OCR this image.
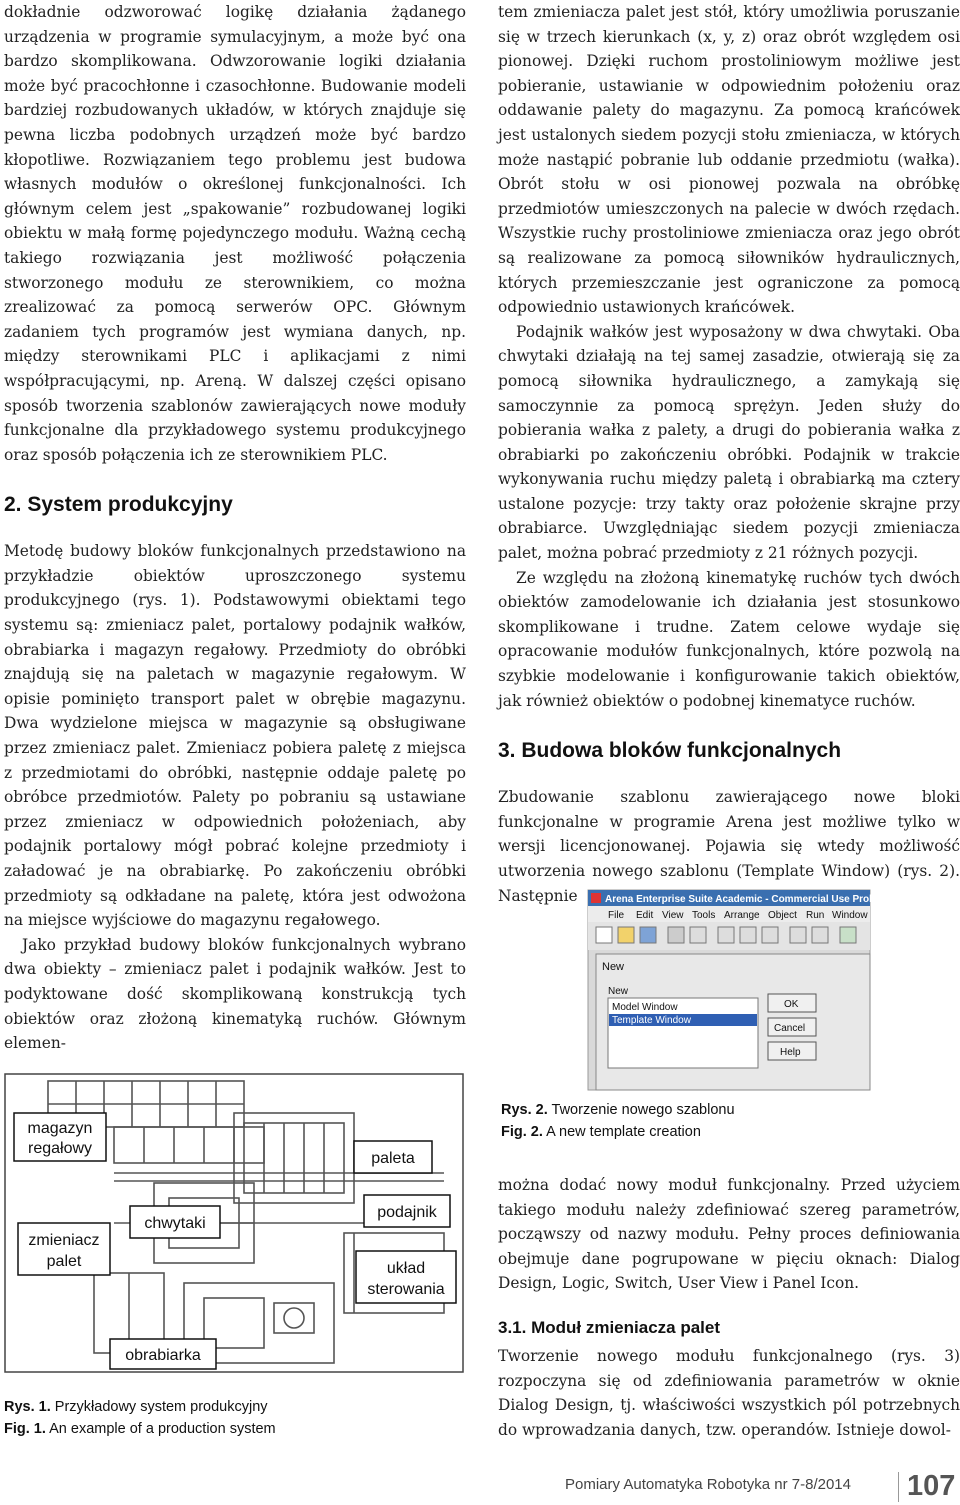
dokładnie odzworować logikę działania żądanego urządzenia w programie symulacyjnym, a może być ona bardzo skomplikowana. Odwzorowanie logiki działania może być pracochłonne i czasochłonne. Budowanie modeli bardziej rozbudowanych układów, w których znajduje się pewna liczba podobnych urządzeń może być bardzo kłopotliwe. Rozwiązaniem tego problemu jest budowa własnych modułów o określonej funkcjonalności. Ich głównym celem jest „spakowanie” rozbudowanej logiki obiektu w małą formę pojedynczego modułu. Ważną cechą takiego rozwiązania jest możliwość połączenia stworzonego modułu ze sterownikiem, co można zrealizować za pomocą serwerów OPC. Głównym zadaniem tych programów jest wymiana danych, np. między sterownikami PLC i aplikacjami z nimi współpracującymi, np. Areną. W dalszej części opisano sposób tworzenia szablonów zawierających nowe moduły funkcjonalne dla przykładowego systemu produkcyjnego oraz sposób połączenia ich ze sterownikiem PLC.

2. System produkcyjny

Metodę budowy bloków funkcjonalnych przedstawiono na przykładzie obiektów uproszczonego systemu produkcyjnego (rys. 1). Podstawowymi obiektami tego systemu są: zmieniacz palet, portalowy podajnik wałków, obrabiarka i magazyn regałowy. Przedmioty do obróbki znajdują się na paletach w magazynie regałowym. W opisie pominięto transport palet w obrębie magazynu. Dwa wydzielone miejsca w magazynie są obsługiwane przez zmieniacz palet. Zmieniacz pobiera paletę z miejsca z przedmiotami do obróbki, następnie oddaje paletę po obróbce przedmiotów. Palety po pobraniu są ustawiane przez zmieniacz w odpowiednich położeniach, aby podajnik portalowy mógł pobrać kolejne przedmioty i załadować je na obrabiarkę. Po zakończeniu obróbki przedmioty są odkładane na paletę, która jest odwożona na miejsce wyjściowe do magazynu regałowego.

Jako przykład budowy bloków funkcjonalnych wybrano dwa obiekty – zmieniacz palet i podajnik wałków. Jest to podyktowane dość skomplikowaną konstrukcją tych obiektów oraz złożoną kinematyką ruchów. Głównym elemen-

tem zmieniacza palet jest stół, który umożliwia poruszanie się w trzech kierunkach (x, y, z) oraz obrót względem osi pionowej. Dzięki ruchom prostoliniowym możliwe jest pobieranie, ustawianie w odpowiednim położeniu oraz oddawanie palety do magazynu. Za pomocą krańcówek jest ustalonych siedem pozycji stołu zmieniacza, w których może nastąpić pobranie lub oddanie przedmiotu (wałka). Obrót stołu w osi pionowej pozwala na obróbkę przedmiotów umieszczonych na palecie w dwóch rzędach. Wszystkie ruchy prostoliniowe zmieniacza oraz jego obrót są realizowane za pomocą siłowników hydraulicznych, których przemieszczanie jest ograniczone za pomocą odpowiednio ustawionych krańcówek.

Podajnik wałków jest wyposażony w dwa chwytaki. Oba chwytaki działają na tej samej zasadzie, otwierają się za pomocą siłownika hydraulicznego, a zamykają się samoczynnie za pomocą sprężyn. Jeden służy do pobierania wałka z palety, a drugi do pobierania wałka z obrabiarki po zakończeniu obróbki. Podajnik w trakcie wykonywania ruchu między paletą i obrabiarką ma cztery ustalone pozycje: trzy takty oraz położenie skrajne przy obrabiarce. Uwzględniając siedem pozycji zmieniacza palet, można pobrać przedmioty z 21 różnych pozycji.

Ze względu na złożoną kinematykę ruchów tych dwóch obiektów zamodelowanie ich działania jest stosunkowo skomplikowane i trudne. Zatem celowe wydaje się opracowanie modułów funkcjonalnych, które pozwolą na szybkie modelowanie i konfigurowanie takich obiektów, jak również obiektów o podobnej kinematyce ruchów.

3. Budowa bloków funkcjonalnych

Zbudowanie szablonu zawierającego nowe bloki funkcjonalne w programie Arena jest możliwe tylko w wersji licencjonowanej. Pojawia się wtedy możliwość utworzenia nowego szablonu (Template Window) (rys. 2). Następnie	Arena Enterprise Suite Academic - Commercial Use Prohibited
File Edit View Tools Arrange Object Run Window
New
New
Model Window
Template Window
OK
Cancel
Help
Rys. 2. Tworzenie nowego szablonu
Fig. 2. A new template creation

można dodać nowy moduł funkcjonalny. Przed użyciem takiego modułu należy zdefiniować szereg parametrów, począwszy od nazwy modułu. Pełny proces definiowania obejmuje dane pogrupowane w pięciu oknach: Dialog Design, Logic, Switch, User View i Panel Icon.

3.1. Moduł zmieniacza palet

Tworzenie nowego modułu funkcjonalnego (rys. 3) rozpoczyna się od zdefiniowania parametrów w oknie Dialog Design, tj. właściwości wszystkich pól potrzebnych do wprowadzania danych, tzw. operandów. Istnieje dowol-

magazyn
regałowy
paleta
chwytaki
podajnik
zmieniacz
palet	układ
sterowania
obrabiarka
Rys. 1. Przykładowy system produkcyjny
Fig. 1. An example of a production system
Pomiary Automatyka Robotyka nr 7-8/2014 107
